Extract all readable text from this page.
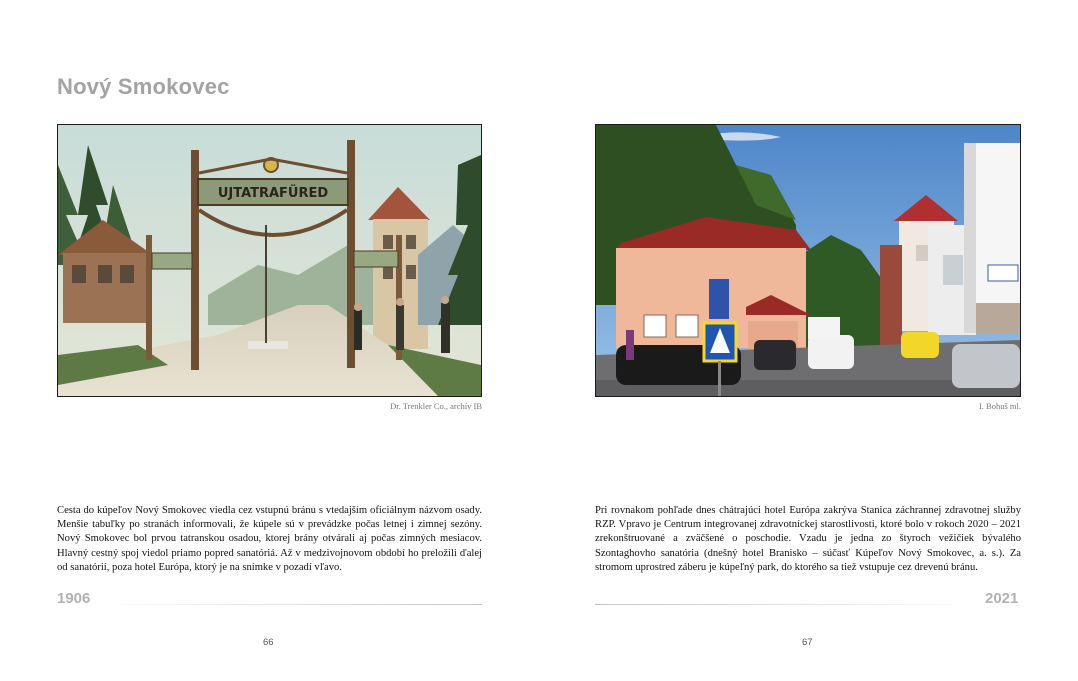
Nový Smokovec
UJTATRAFÜRED
Dr. Trenkler Co., archív IB

Cesta do kúpeľov Nový Smokovec viedla cez vstupnú bránu s vtedajším oficiálnym názvom osady. Menšie tabuľky po stranách informovali, že kúpele sú v prevádzke počas letnej i zimnej sezóny. Nový Smokovec bol prvou tatranskou osadou, ktorej brány otvárali aj počas zimných mesiacov. Hlavný cestný spoj viedol priamo popred sanatóriá. Až v medzivojnovom období ho preložili ďalej od sanatórií, poza hotel Európa, ktorý je na snímke v pozadí vľavo.

1906
66
I. Bohuš ml.

Pri rovnakom pohľade dnes chátrajúci hotel Európa zakrýva Stanica záchrannej zdravotnej služby RZP. Vpravo je Centrum integrovanej zdravotníckej starostlivosti, ktoré bolo v rokoch 2020 – 2021 zrekonštruované a zväčšené o poschodie. Vzadu je jedna zo štyroch vežičiek bývalého Szontaghovho sanatória (dnešný hotel Branisko – súčasť Kúpeľov Nový Smokovec, a. s.). Za stromom uprostred záberu je kúpeľný park, do ktorého sa tiež vstupuje cez drevenú bránu.

2021
67
